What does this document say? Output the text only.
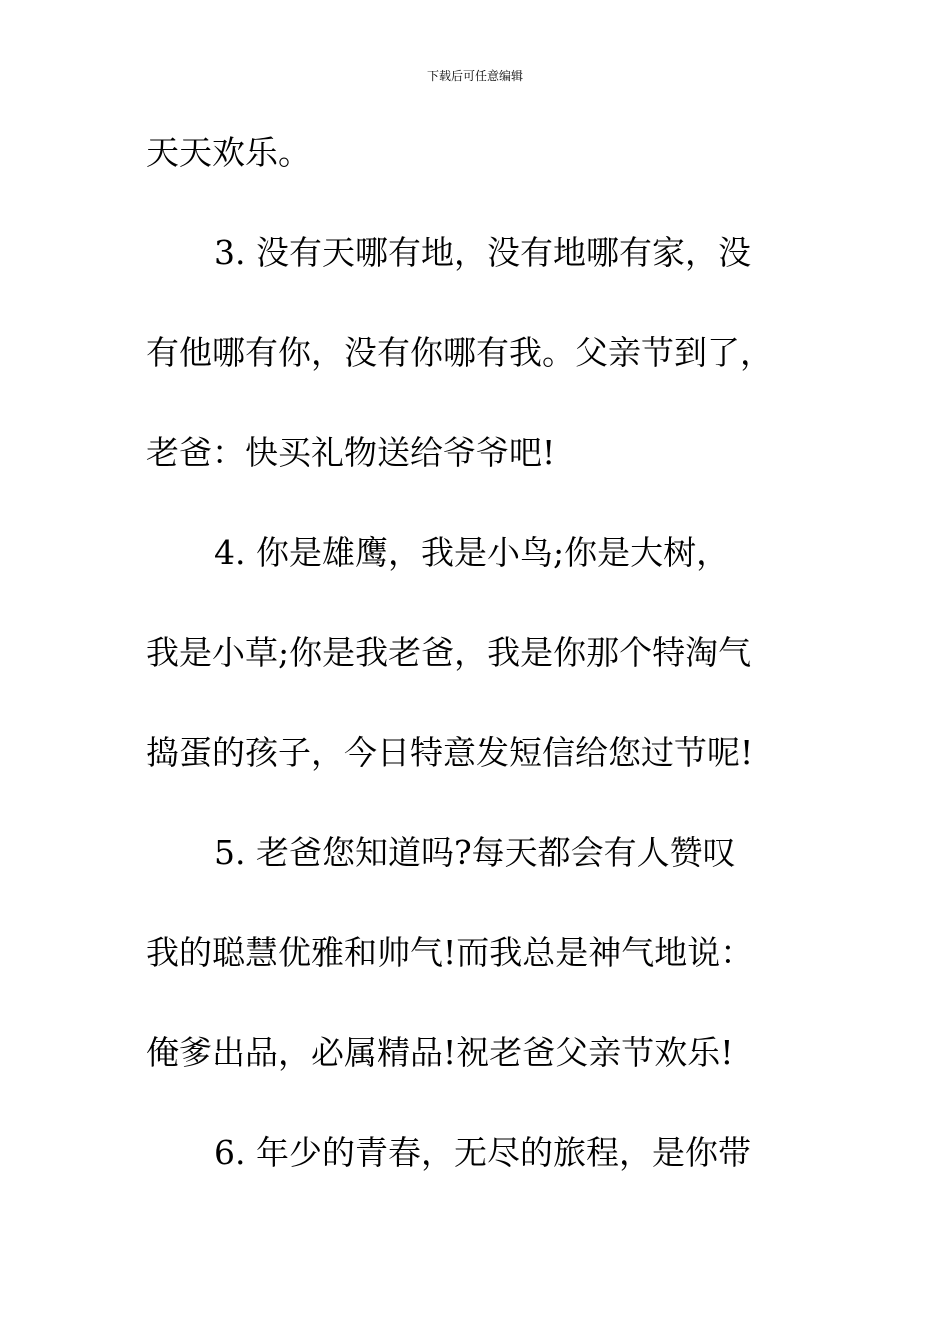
下载后可任意编辑
天天欢乐。
3. 没有天哪有地，没有地哪有家，没
有他哪有你，没有你哪有我。父亲节到了，
老爸：快买礼物送给爷爷吧!
4. 你是雄鹰，我是小鸟;你是大树，
我是小草;你是我老爸，我是你那个特淘气
捣蛋的孩子，今日特意发短信给您过节呢!
5. 老爸您知道吗?每天都会有人赞叹
我的聪慧优雅和帅气!而我总是神气地说：
俺爹出品，必属精品!祝老爸父亲节欢乐!
6. 年少的青春，无尽的旅程，是你带
